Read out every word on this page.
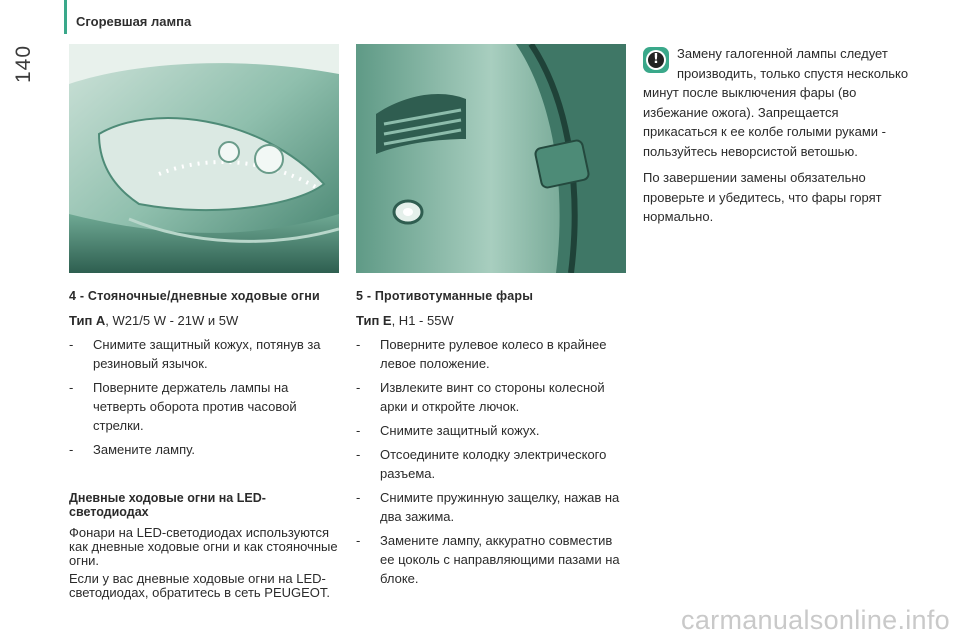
140
Сгоревшая лампа
4 - Стояночные/дневные ходовые огни
Тип A, W21/5 W - 21W и 5W
- Снимите защитный кожух, потянув за резиновый язычок.
- Поверните держатель лампы на четверть оборота против часовой стрелки.
- Замените лампу.
Дневные ходовые огни на LED-светодиодах
Фонари на LED-светодиодах используются как дневные ходовые огни и как стояночные огни.
Если у вас дневные ходовые огни на LED-светодиодах, обратитесь в сеть PEUGEOT.
5 - Противотуманные фары
Тип E, H1 - 55W
- Поверните рулевое колесо в крайнее левое положение.
- Извлеките винт со стороны колесной арки и откройте лючок.
- Снимите защитный кожух.
- Отсоедините колодку электрического разъема.
- Снимите пружинную защелку, нажав на два зажима.
- Замените лампу, аккуратно совместив ее цоколь с направляющими пазами на блоке.
!	Замену галогенной лампы следует производить, только спустя несколько минут после выключения фары (во избежание ожога). Запрещается прикасаться к ее колбе голыми руками - пользуйтесь неворсистой ветошью.
По завершении замены обязательно проверьте и убедитесь, что фары горят нормально.
carmanualsonline.info
